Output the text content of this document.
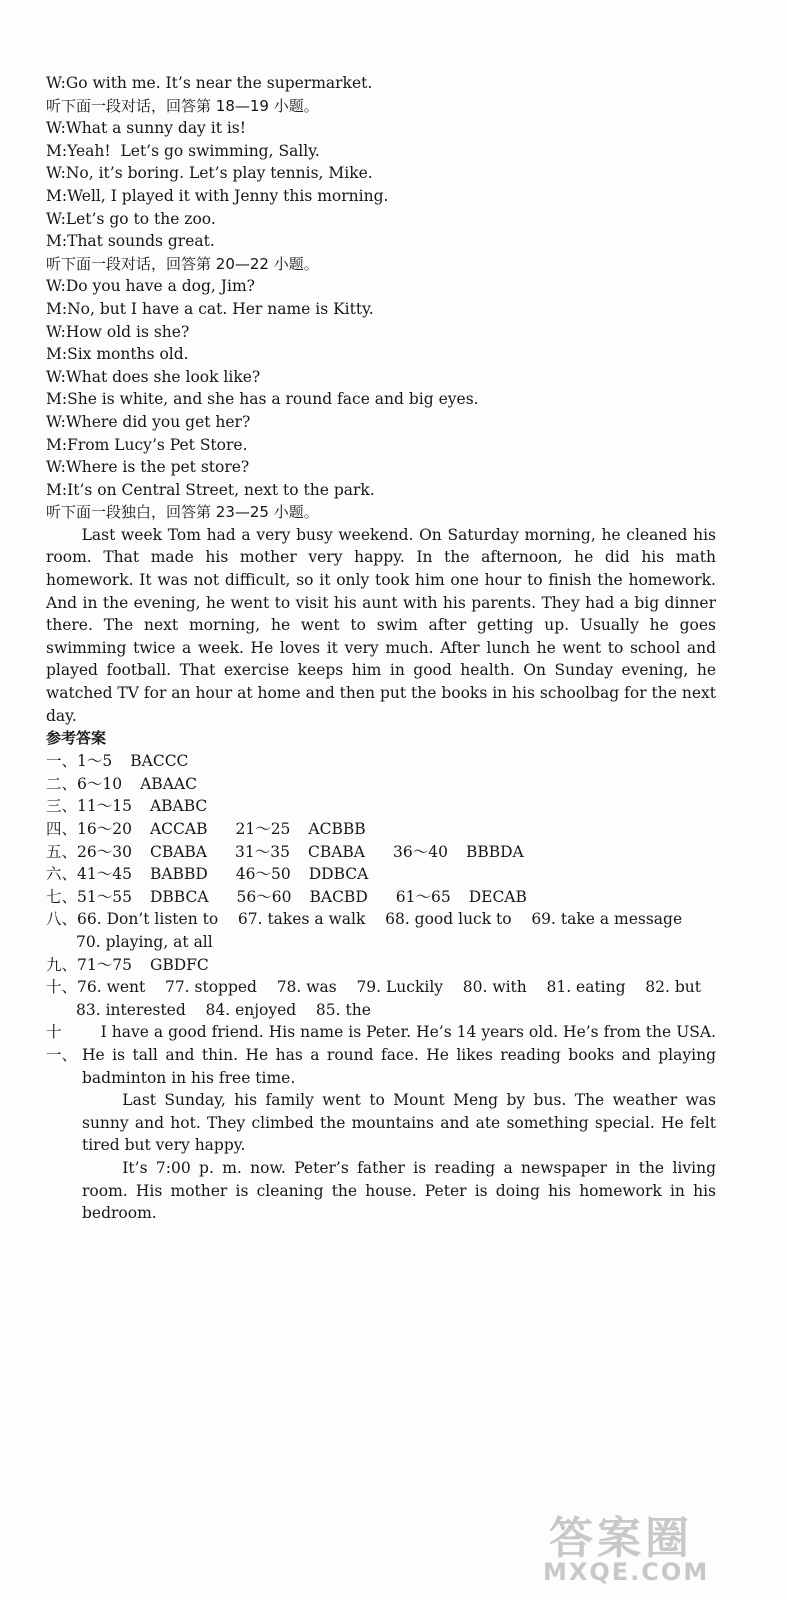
W:Go with me. It’s near the supermarket.
听下面一段对话，回答第 18—19 小题。
W:What a sunny day it is!
M:Yeah!  Let’s go swimming, Sally.
W:No, it’s boring. Let’s play tennis, Mike.
M:Well, I played it with Jenny this morning.
W:Let’s go to the zoo.
M:That sounds great.
听下面一段对话，回答第 20—22 小题。
W:Do you have a dog, Jim?
M:No, but I have a cat. Her name is Kitty.
W:How old is she?
M:Six months old.
W:What does she look like?
M:She is white, and she has a round face and big eyes.
W:Where did you get her?
M:From Lucy’s Pet Store.
W:Where is the pet store?
M:It’s on Central Street, next to the park.
听下面一段独白，回答第 23—25 小题。

Last week Tom had a very busy weekend. On Saturday morning, he cleaned his room. That made his mother very happy. In the afternoon, he did his math homework. It was not difficult, so it only took him one hour to finish the homework. And in the evening, he went to visit his aunt with his parents. They had a big dinner there. The next morning, he went to swim after getting up. Usually he goes swimming twice a week. He loves it very much. After lunch he went to school and played football. That exercise keeps him in good health. On Sunday evening, he watched TV for an hour at home and then put the books in his schoolbag for the next day.

参考答案
一、1～5 BACCC
二、6～10 ABAAC
三、11～15 ABABC
四、16～20 ACCAB 21～25 ACBBB
五、26～30 CBABA 31～35 CBABA 36～40 BBBDA
六、41～45 BABBD 46～50 DDBCA
七、51～55 DBBCA 56～60 BACBD 61～65 DECAB
八、66. Don’t listen to    67. takes a walk    68. good luck to    69. take a message
70. playing, at all
九、71～75 GBDFC
十、76. went    77. stopped    78. was    79. Luckily    80. with    81. eating    82. but
83. interested    84. enjoyed    85. the
十一、

I have a good friend. His name is Peter. He’s 14 years old. He’s from the USA. He is tall and thin. He has a round face. He likes reading books and playing badminton in his free time.

Last Sunday, his family went to Mount Meng by bus. The weather was sunny and hot. They climbed the mountains and ate something special. He felt tired but very happy.

It’s 7:00 p. m. now. Peter’s father is reading a newspaper in the living room. His mother is cleaning the house. Peter is doing his homework in his bedroom.

答案圈
MXQE.COM
